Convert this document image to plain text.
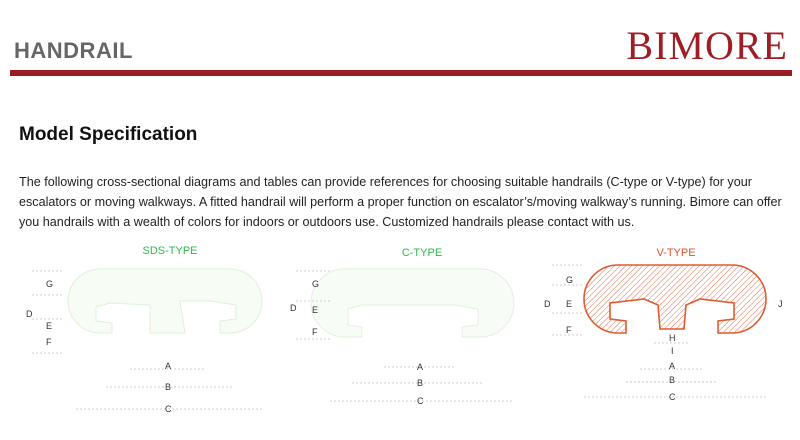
HANDRAIL	BIMORE
Model Specification

The following cross-sectional diagrams and tables can provide references for choosing suitable handrails (C-type or V-type) for your escalators or moving walkways. A fitted handrail will perform a proper function on escalator’s/moving walkway’s running. Bimore can offer you handrails with a wealth of colors for indoors or outdoors use. Customized handrails please contact with us.

SDS-TYPE	C-TYPE	V-TYPE
G
D
E
F
A
B
C
G
D E
F
A
B
C
G
D E
F
J
H
I
A
B
C
